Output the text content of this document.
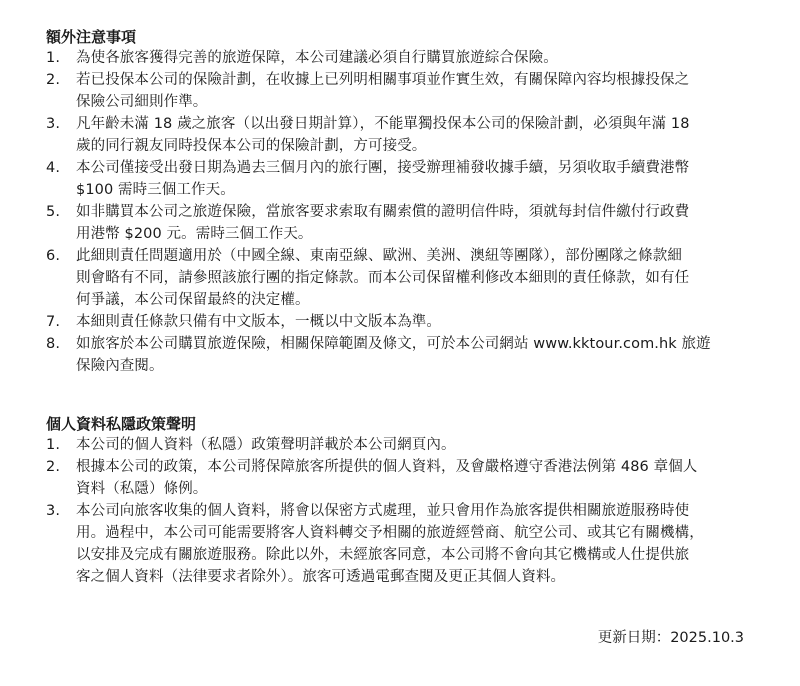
額外注意事項
1.	為使各旅客獲得完善的旅遊保障，本公司建議必須自行購買旅遊綜合保險。
2.	若已投保本公司的保險計劃，在收據上已列明相關事項並作實生效，有關保障內容均根據投保之
保險公司細則作準。
3.	凡年齡未滿 18 歲之旅客（以出發日期計算），不能單獨投保本公司的保險計劃，必須與年滿 18
歲的同行親友同時投保本公司的保險計劃，方可接受。
4.	本公司僅接受出發日期為過去三個月內的旅行團，接受辦理補發收據手續，另須收取手續費港幣
$100 需時三個工作天。
5.	如非購買本公司之旅遊保險，當旅客要求索取有關索償的證明信件時，須就每封信件繳付行政費
用港幣 $200 元。需時三個工作天。
6.	此細則責任問題適用於（中國全線、東南亞線、歐洲、美洲、澳紐等團隊），部份團隊之條款細
則會略有不同，請參照該旅行團的指定條款。而本公司保留權利修改本細則的責任條款，如有任
何爭議，本公司保留最終的決定權。
7.	本細則責任條款只備有中文版本，一概以中文版本為準。
8.	如旅客於本公司購買旅遊保險，相關保障範圍及條文，可於本公司網站 www.kktour.com.hk 旅遊
保險內查閱。
個人資料私隱政策聲明
1.	本公司的個人資料（私隱）政策聲明詳載於本公司網頁內。
2.	根據本公司的政策，本公司將保障旅客所提供的個人資料，及會嚴格遵守香港法例第 486 章個人
資料（私隱）條例。
3.	本公司向旅客收集的個人資料，將會以保密方式處理，並只會用作為旅客提供相關旅遊服務時使
用。過程中，本公司可能需要將客人資料轉交予相關的旅遊經營商、航空公司、或其它有關機構，
以安排及完成有關旅遊服務。除此以外，未經旅客同意，本公司將不會向其它機構或人仕提供旅
客之個人資料（法律要求者除外）。旅客可透過電郵查閱及更正其個人資料。
更新日期：2025.10.3
